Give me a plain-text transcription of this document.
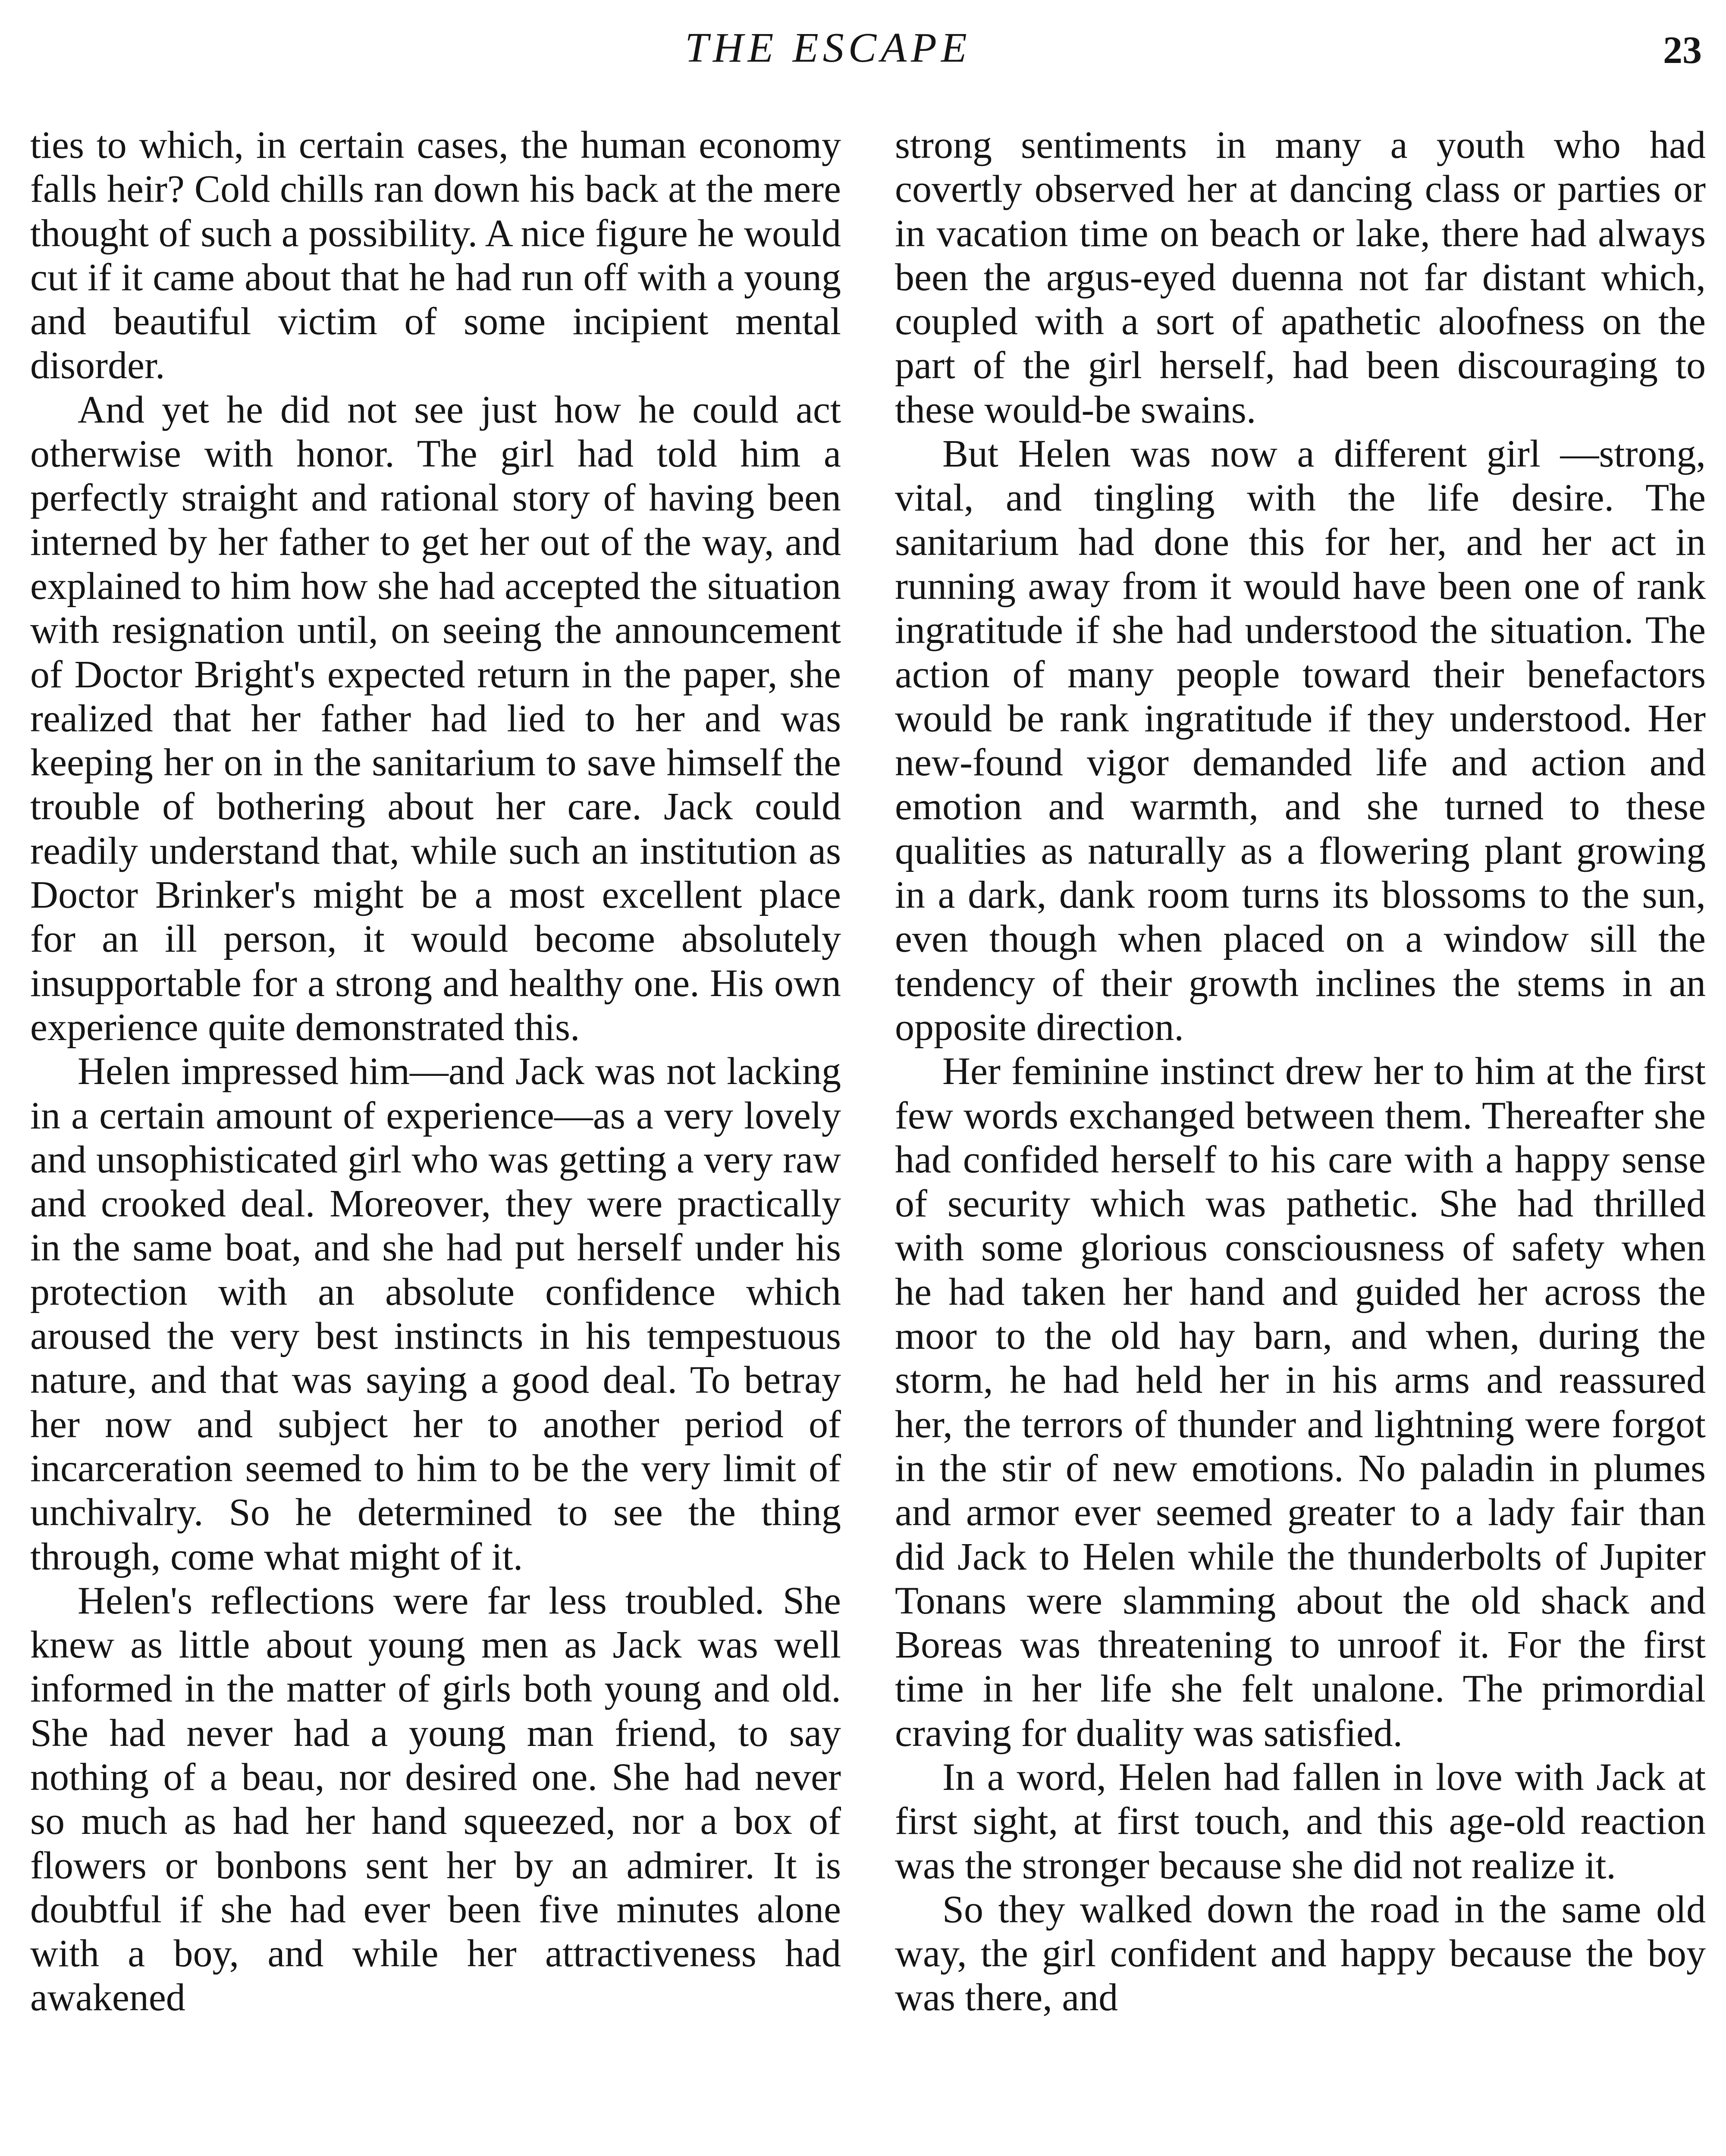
THE ESCAPE	23

ties to which, in certain cases, the human economy falls heir? Cold chills ran down his back at the mere thought of such a possibility. A nice figure he would cut if it came about that he had run off with a young and beautiful victim of some incipient mental disorder.

And yet he did not see just how he could act otherwise with honor. The girl had told him a perfectly straight and rational story of having been interned by her father to get her out of the way, and explained to him how she had accepted the situation with resignation until, on seeing the announcement of Doctor Bright's expected return in the paper, she realized that her father had lied to her and was keeping her on in the sanitarium to save himself the trouble of bothering about her care. Jack could readily understand that, while such an institution as Doctor Brinker's might be a most excellent place for an ill person, it would become absolutely insupportable for a strong and healthy one. His own experience quite demonstrated this.

Helen impressed him—and Jack was not lacking in a certain amount of experience—as a very lovely and unsophisticated girl who was getting a very raw and crooked deal. Moreover, they were practically in the same boat, and she had put herself under his protection with an absolute confidence which aroused the very best instincts in his tempestuous nature, and that was saying a good deal. To betray her now and subject her to another period of incarceration seemed to him to be the very limit of unchivalry. So he determined to see the thing through, come what might of it.

Helen's reflections were far less troubled. She knew as little about young men as Jack was well informed in the matter of girls both young and old. She had never had a young man friend, to say nothing of a beau, nor desired one. She had never so much as had her hand squeezed, nor a box of flowers or bonbons sent her by an admirer. It is doubtful if she had ever been five minutes alone with a boy, and while her attractiveness had awakened

strong sentiments in many a youth who had covertly observed her at dancing class or parties or in vacation time on beach or lake, there had always been the argus-eyed duenna not far distant which, coupled with a sort of apathetic aloofness on the part of the girl herself, had been discouraging to these would-be swains.

But Helen was now a different girl —strong, vital, and tingling with the life desire. The sanitarium had done this for her, and her act in running away from it would have been one of rank ingratitude if she had understood the situation. The action of many people toward their benefactors would be rank ingratitude if they understood. Her new-found vigor demanded life and action and emotion and warmth, and she turned to these qualities as naturally as a flowering plant growing in a dark, dank room turns its blossoms to the sun, even though when placed on a window sill the tendency of their growth inclines the stems in an opposite direction.

Her feminine instinct drew her to him at the first few words exchanged between them. Thereafter she had confided herself to his care with a happy sense of security which was pathetic. She had thrilled with some glorious consciousness of safety when he had taken her hand and guided her across the moor to the old hay barn, and when, during the storm, he had held her in his arms and reassured her, the terrors of thunder and lightning were forgot in the stir of new emotions. No paladin in plumes and armor ever seemed greater to a lady fair than did Jack to Helen while the thunderbolts of Jupiter Tonans were slamming about the old shack and Boreas was threatening to unroof it. For the first time in her life she felt unalone. The primordial craving for duality was satisfied.

In a word, Helen had fallen in love with Jack at first sight, at first touch, and this age-old reaction was the stronger because she did not realize it.

So they walked down the road in the same old way, the girl confident and happy because the boy was there, and
